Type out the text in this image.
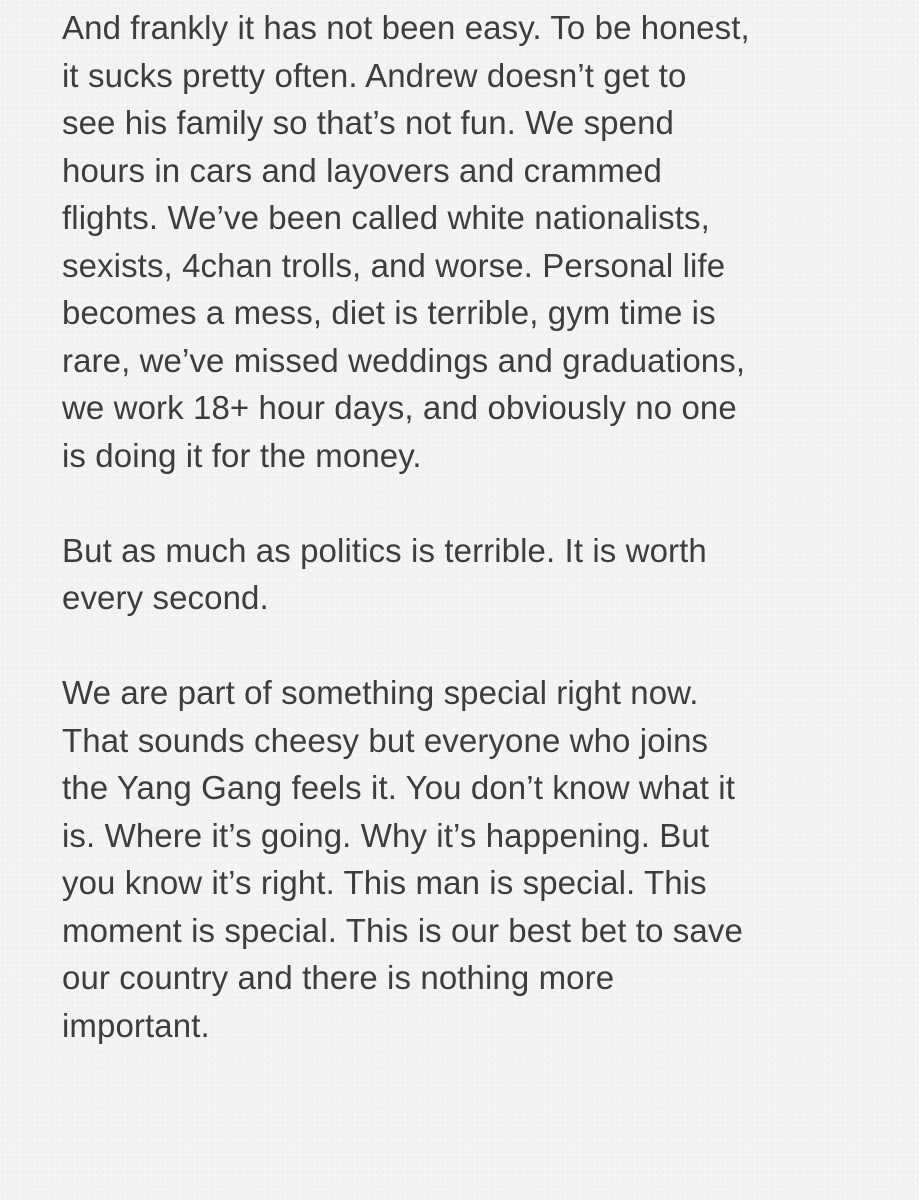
And frankly it has not been easy. To be honest,
it sucks pretty often. Andrew doesn’t get to
see his family so that’s not fun. We spend
hours in cars and layovers and crammed
flights. We’ve been called white nationalists,
sexists, 4chan trolls, and worse. Personal life
becomes a mess, diet is terrible, gym time is
rare, we’ve missed weddings and graduations,
we work 18+ hour days, and obviously no one
is doing it for the money.

But as much as politics is terrible. It is worth
every second.

We are part of something special right now.
That sounds cheesy but everyone who joins
the Yang Gang feels it. You don’t know what it
is. Where it’s going. Why it’s happening. But
you know it’s right. This man is special. This
moment is special. This is our best bet to save
our country and there is nothing more
important.
